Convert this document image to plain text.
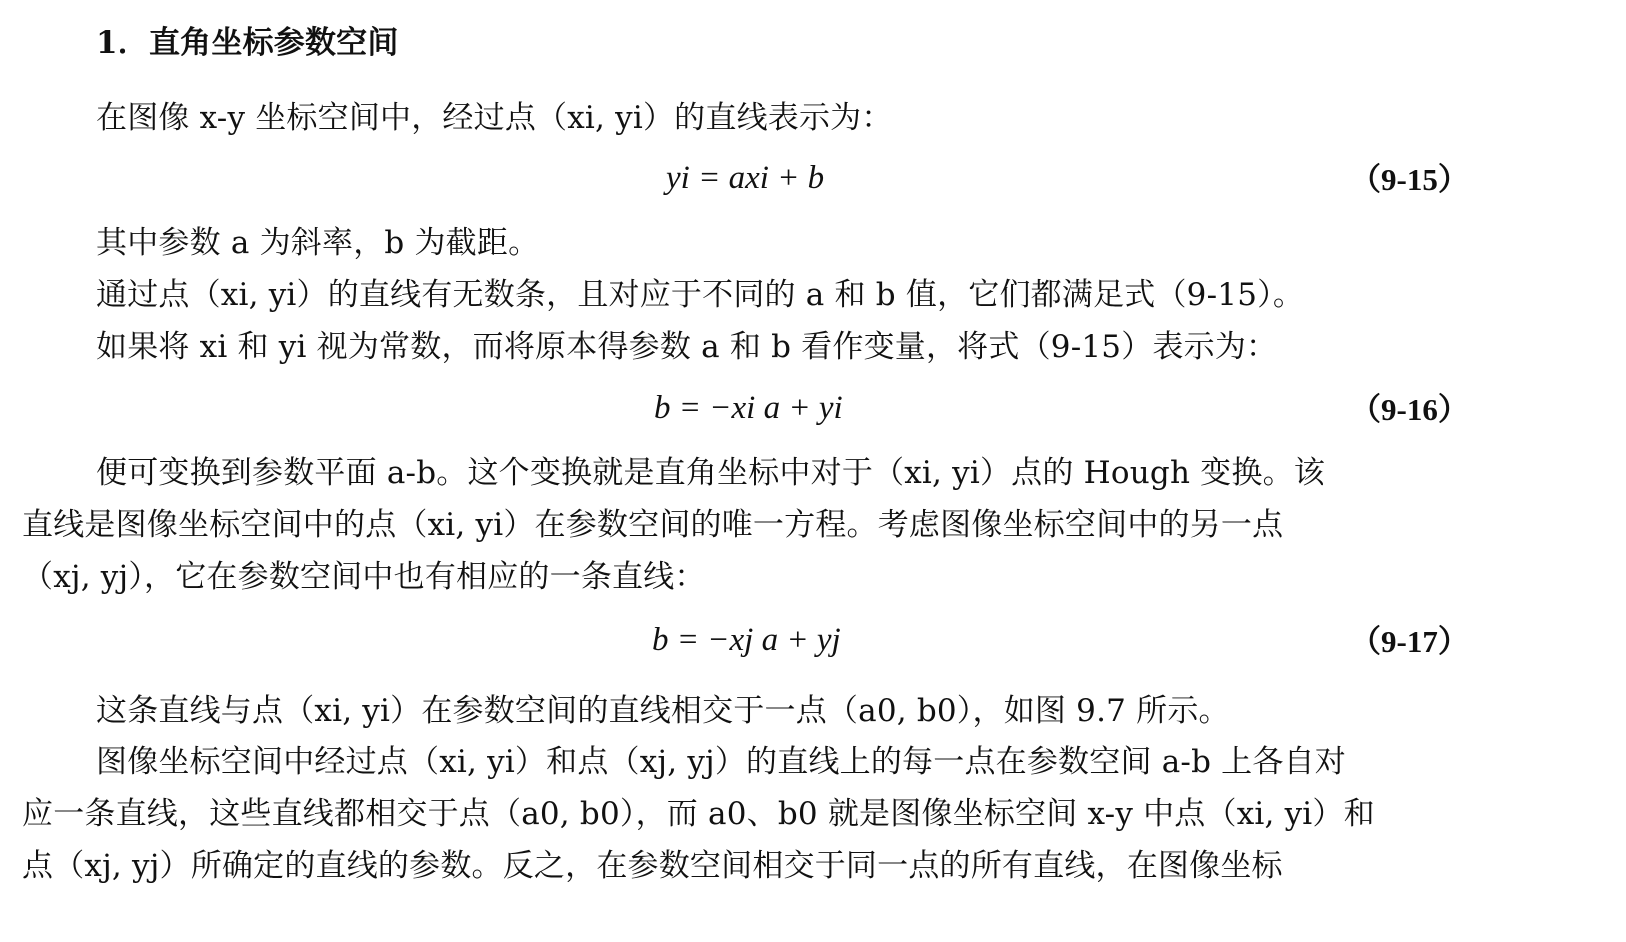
1．直角坐标参数空间
在图像 x-y 坐标空间中，经过点（xi, yi）的直线表示为：
yi = axi + b	（9-15）
其中参数 a 为斜率，b 为截距。
通过点（xi, yi）的直线有无数条，且对应于不同的 a 和 b 值，它们都满足式（9-15）。
如果将 xi 和 yi 视为常数，而将原本得参数 a 和 b 看作变量，将式（9-15）表示为：
b = −xi a + yi	（9-16）
便可变换到参数平面 a-b。这个变换就是直角坐标中对于（xi, yi）点的 Hough 变换。该
直线是图像坐标空间中的点（xi, yi）在参数空间的唯一方程。考虑图像坐标空间中的另一点
（xj, yj），它在参数空间中也有相应的一条直线：
b = −xj a + yj	（9-17）
这条直线与点（xi, yi）在参数空间的直线相交于一点（a0, b0），如图 9.7 所示。
图像坐标空间中经过点（xi, yi）和点（xj, yj）的直线上的每一点在参数空间 a-b 上各自对
应一条直线，这些直线都相交于点（a0, b0），而 a0、b0 就是图像坐标空间 x-y 中点（xi, yi）和
点（xj, yj）所确定的直线的参数。反之，在参数空间相交于同一点的所有直线，在图像坐标
